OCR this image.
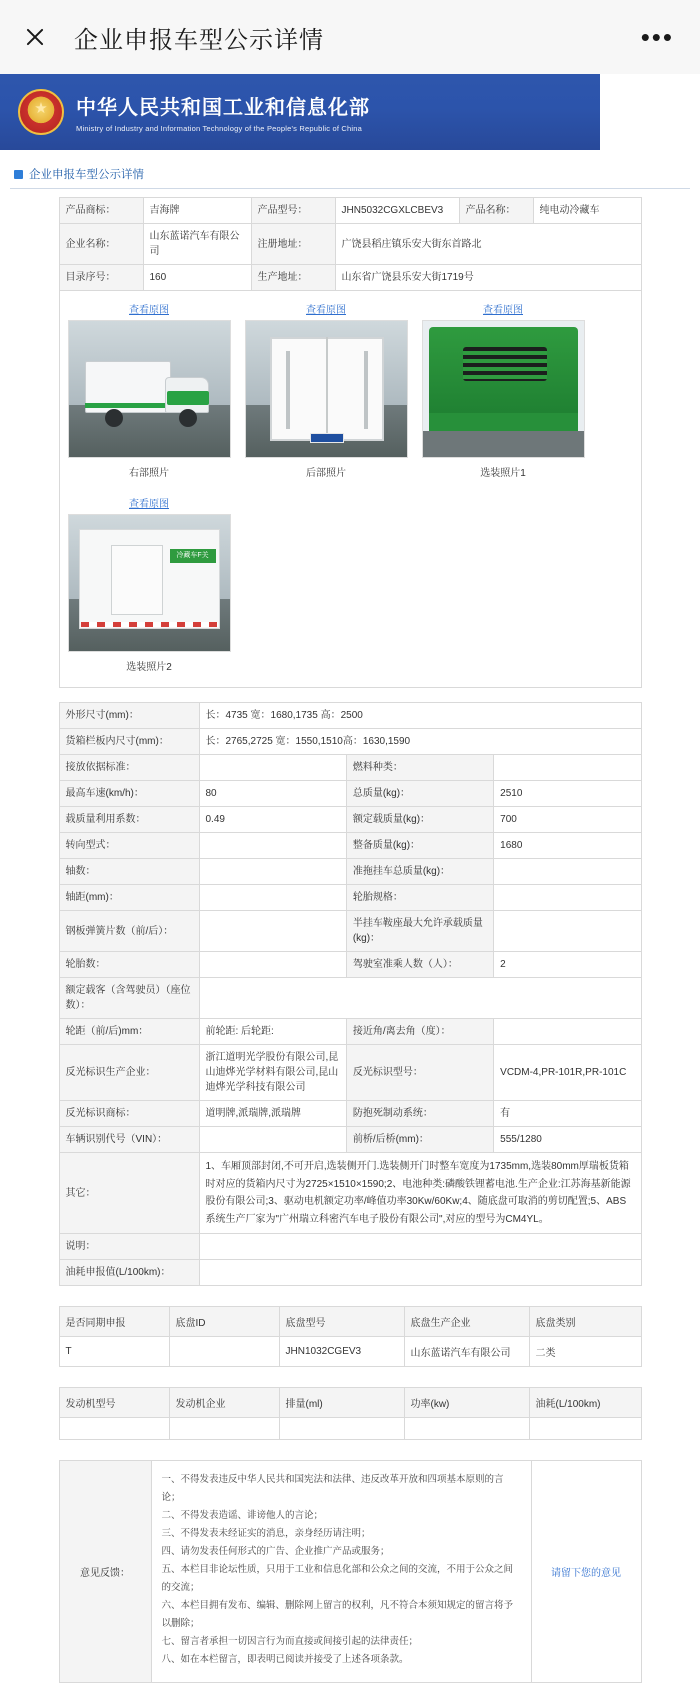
企业申报车型公示详情	•••
★
中华人民共和国工业和信息化部
Ministry of Industry and Information Technology of the People's Republic of China
企业申报车型公示详情
产品商标：	吉海牌	产品型号：	JHN5032CGXLCBEV3	产品名称：	纯电动冷藏车
企业名称：	山东蓝诺汽车有限公司	注册地址：	广饶县稻庄镇乐安大街东首路北		
目录序号：	160	生产地址：	山东省广饶县乐安大街1719号		
查看原图
右部照片
查看原图
后部照片
查看原图
选装照片1
查看原图
冷藏车F关
选装照片2
外形尺寸(mm)：	长：4735 宽：1680,1735 高：2500		
货箱栏板内尺寸(mm)：	长：2765,2725 宽：1550,1510高：1630,1590		
接放依据标准：		燃料种类：	
最高车速(km/h)：	80	总质量(kg)：	2510
载质量利用系数：	0.49	额定载质量(kg)：	700
转向型式：		整备质量(kg)：	1680
轴数：		准拖挂车总质量(kg)：	
轴距(mm)：		轮胎规格：	
钢板弹簧片数（前/后）：		半挂车鞍座最大允许承载质量(kg)：	
轮胎数：		驾驶室准乘人数（人）：	2
额定载客（含驾驶员）（座位数）：			
轮距（前/后)mm：	前轮距: 后轮距:	接近角/离去角（度）：	
反光标识生产企业：	浙江道明光学股份有限公司,昆山迪烨光学材料有限公司,昆山迪烨光学科技有限公司	反光标识型号：	VCDM-4,PR-101R,PR-101C
反光标识商标：	道明牌,派瑞牌,派瑞牌	防抱死制动系统：	有
车辆识别代号（VIN）：		前桥/后桥(mm)：	555/1280
其它：	1、车厢顶部封闭,不可开启,选装侧开门.选装侧开门时整车宽度为1735mm,选装80mm厚瑞板货箱时对应的货箱内尺寸为2725×1510×1590;2、电池种类:磷酸铁锂蓄电池.生产企业:江苏海基新能源股份有限公司;3、驱动电机额定功率/峰值功率30Kw/60Kw;4、随底盘可取消的剪切配置;5、ABS系统生产厂家为"广州瑞立科密汽车电子股份有限公司",对应的型号为CM4YL。		
说明：			
油耗申报值(L/100km)：			
是否同期申报	底盘ID	底盘型号	底盘生产企业	底盘类别
T		JHN1032CGEV3	山东蓝诺汽车有限公司	二类
发动机型号	发动机企业	排量(ml)	功率(kw)	油耗(L/100km)

意见反馈：

一、不得发表违反中华人民共和国宪法和法律、违反改革开放和四项基本原则的言论；

二、不得发表造谣、诽谤他人的言论；

三、不得发表未经证实的消息，亲身经历请注明；

四、请勿发表任何形式的广告、企业推广产品或服务；

五、本栏目非论坛性质，只用于工业和信息化部和公众之间的交流，不用于公众之间的交流；

六、本栏目拥有发布、编辑、删除网上留言的权利，凡不符合本须知规定的留言将予以删除；

七、留言者承担一切因言行为而直接或间接引起的法律责任；

八、如在本栏留言，即表明已阅读并接受了上述各项条款。

请留下您的意见
